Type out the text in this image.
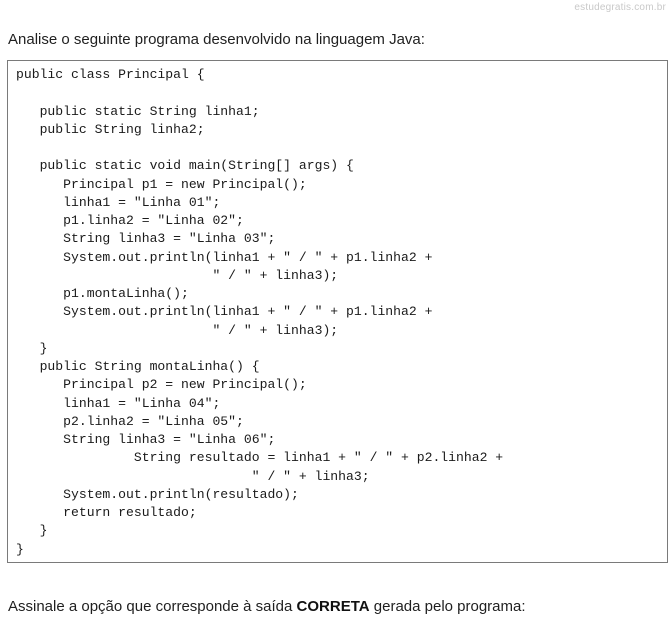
estudegratis.com.br
Analise o seguinte programa desenvolvido na linguagem Java:
public class Principal {
public static String linha1;
public String linha2;
public static void main(String[] args) {
Principal p1 = new Principal();
linha1 = "Linha 01";
p1.linha2 = "Linha 02";
String linha3 = "Linha 03";
System.out.println(linha1 + " / " + p1.linha2 +
" / " + linha3);
p1.montaLinha();
System.out.println(linha1 + " / " + p1.linha2 +
" / " + linha3);
}
public String montaLinha() {
Principal p2 = new Principal();
linha1 = "Linha 04";
p2.linha2 = "Linha 05";
String linha3 = "Linha 06";
String resultado = linha1 + " / " + p2.linha2 +
" / " + linha3;
System.out.println(resultado);
return resultado;
}
}
Assinale a opção que corresponde à saída CORRETA gerada pelo programa:
